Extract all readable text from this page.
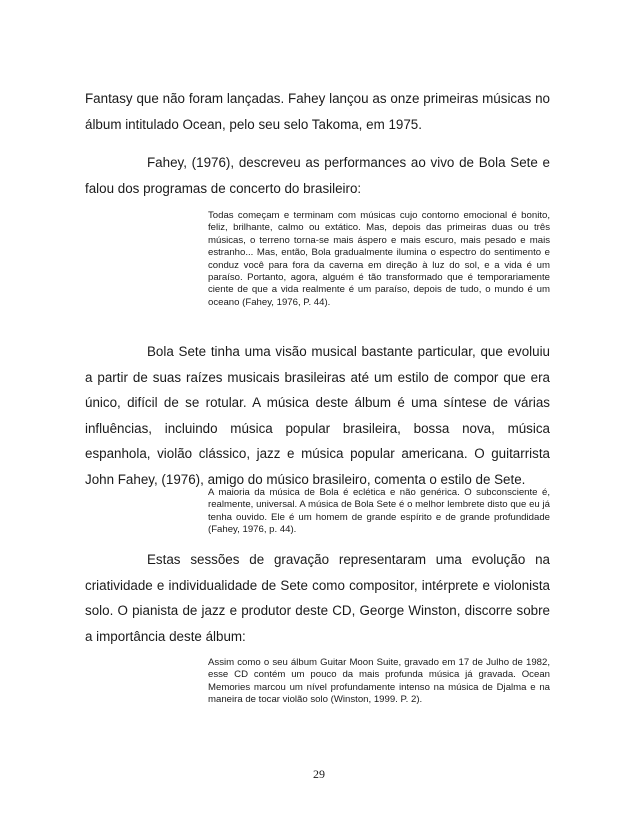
Fantasy que não foram lançadas. Fahey lançou as onze primeiras músicas no álbum intitulado Ocean, pelo seu selo Takoma, em 1975.

Fahey, (1976), descreveu as performances ao vivo de Bola Sete e falou dos programas de concerto do brasileiro:

Todas começam e terminam com músicas cujo contorno emocional é bonito, feliz, brilhante, calmo ou extático. Mas, depois das primeiras duas ou três músicas, o terreno torna-se mais áspero e mais escuro, mais pesado e mais estranho... Mas, então, Bola gradualmente ilumina o espectro do sentimento e conduz você para fora da caverna em direção à luz do sol, e a vida é um paraíso. Portanto, agora, alguém é tão transformado que é temporariamente ciente de que a vida realmente é um paraíso, depois de tudo, o mundo é um oceano (Fahey, 1976, P. 44).

Bola Sete tinha uma visão musical bastante particular, que evoluiu a partir de suas raízes musicais brasileiras até um estilo de compor que era único, difícil de se rotular. A música deste álbum é uma síntese de várias influências, incluindo música popular brasileira, bossa nova, música espanhola, violão clássico, jazz e música popular americana. O guitarrista John Fahey, (1976), amigo do músico brasileiro, comenta o estilo de Sete.

A maioria da música de Bola é eclética e não genérica. O subconsciente é, realmente, universal. A música de Bola Sete é o melhor lembrete disto que eu já tenha ouvido. Ele é um homem de grande espírito e de grande profundidade (Fahey, 1976, p. 44).

Estas sessões de gravação representaram uma evolução na criatividade e individualidade de Sete como compositor, intérprete e violonista solo. O pianista de jazz e produtor deste CD, George Winston, discorre sobre a importância deste álbum:

Assim como o seu álbum Guitar Moon Suite, gravado em 17 de Julho de 1982, esse CD contém um pouco da mais profunda música já gravada. Ocean Memories marcou um nível profundamente intenso na música de Djalma e na maneira de tocar violão solo (Winston, 1999. P. 2).

29
